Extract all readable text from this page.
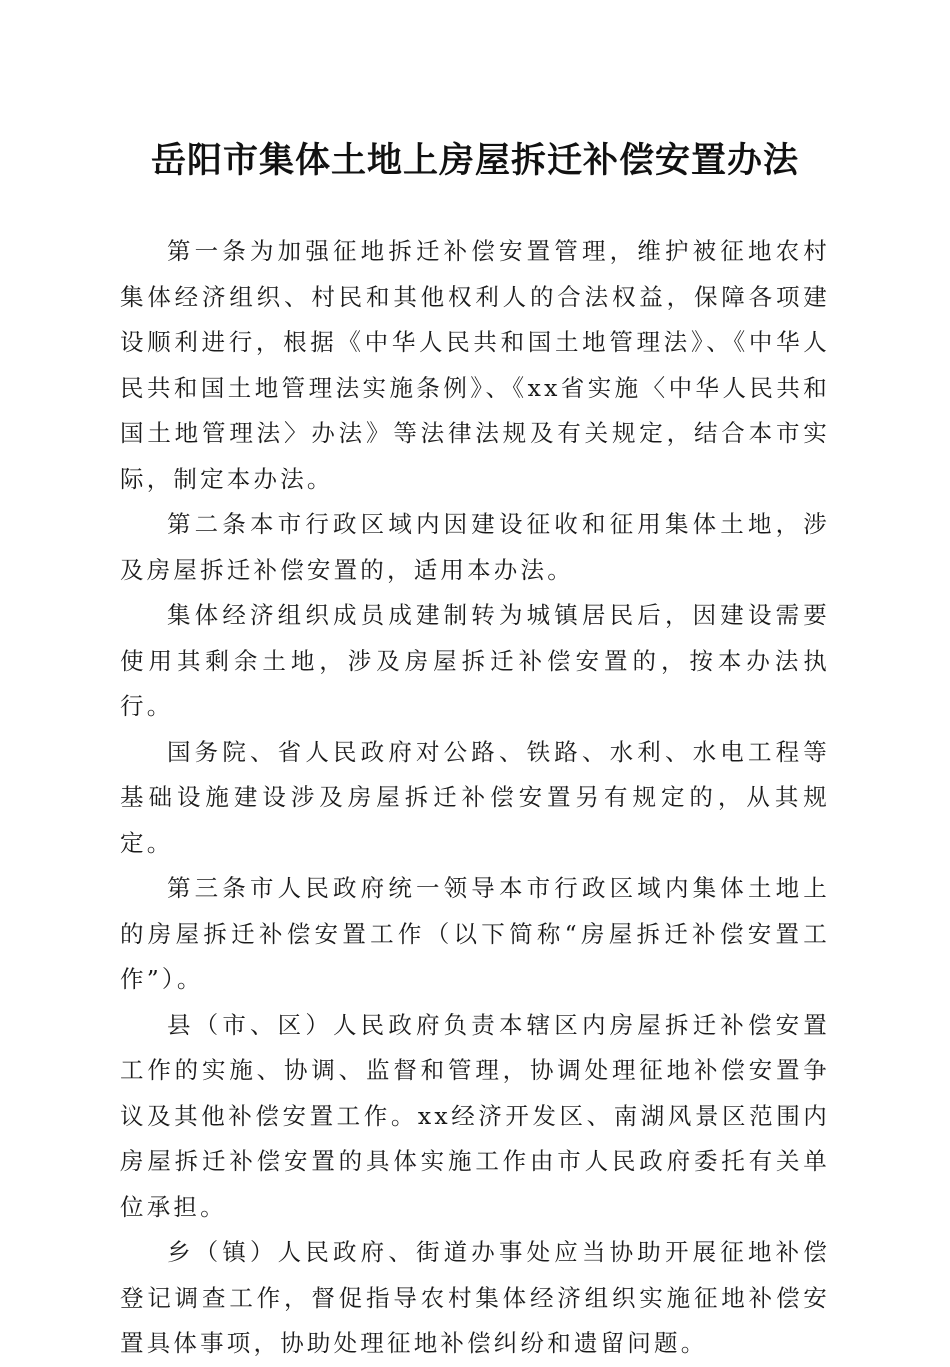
岳阳市集体土地上房屋拆迁补偿安置办法

第一条为加强征地拆迁补偿安置管理，维护被征地农村集体经济组织、村民和其他权利人的合法权益，保障各项建设顺利进行，根据《中华人民共和国土地管理法》、《中华人民共和国土地管理法实施条例》、《xx省实施〈中华人民共和国土地管理法〉办法》等法律法规及有关规定，结合本市实际，制定本办法。

第二条本市行政区域内因建设征收和征用集体土地，涉及房屋拆迁补偿安置的，适用本办法。

集体经济组织成员成建制转为城镇居民后，因建设需要使用其剩余土地，涉及房屋拆迁补偿安置的，按本办法执行。

国务院、省人民政府对公路、铁路、水利、水电工程等基础设施建设涉及房屋拆迁补偿安置另有规定的，从其规定。

第三条市人民政府统一领导本市行政区域内集体土地上的房屋拆迁补偿安置工作（以下简称“房屋拆迁补偿安置工作”）。

县（市、区）人民政府负责本辖区内房屋拆迁补偿安置工作的实施、协调、监督和管理，协调处理征地补偿安置争议及其他补偿安置工作。xx经济开发区、南湖风景区范围内房屋拆迁补偿安置的具体实施工作由市人民政府委托有关单位承担。

乡（镇）人民政府、街道办事处应当协助开展征地补偿登记调查工作，督促指导农村集体经济组织实施征地补偿安置具体事项，协助处理征地补偿纠纷和遗留问题。
